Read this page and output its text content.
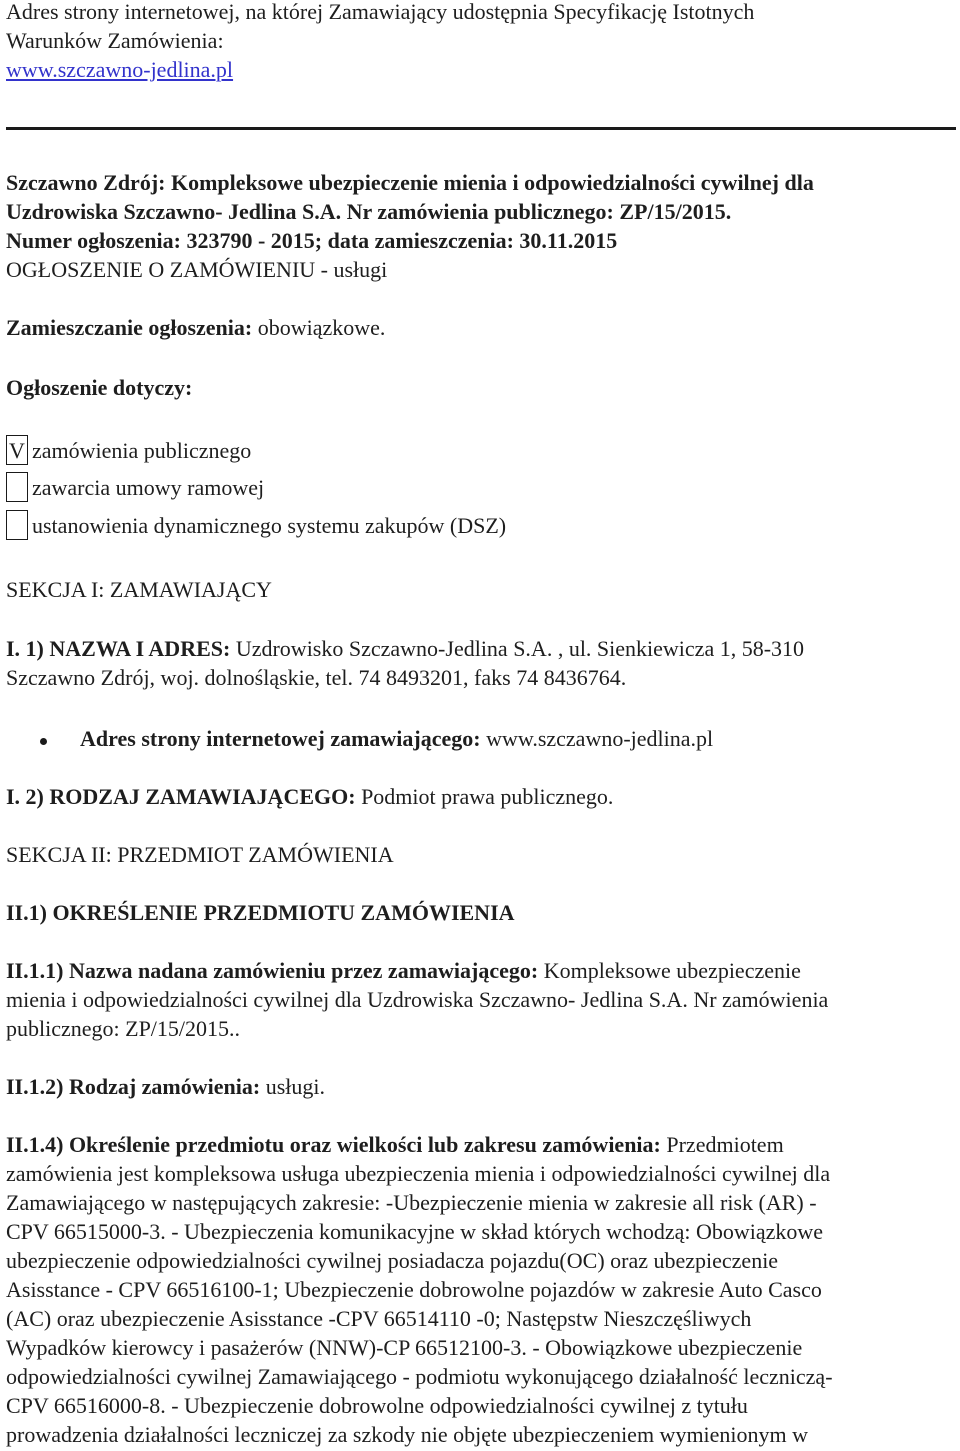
Adres strony internetowej, na której Zamawiający udostępnia Specyfikację Istotnych
Warunków Zamówienia:
www.szczawno-jedlina.pl
Szczawno Zdrój: Kompleksowe ubezpieczenie mienia i odpowiedzialności cywilnej dla
Uzdrowiska Szczawno- Jedlina S.A. Nr zamówienia publicznego: ZP/15/2015.
Numer ogłoszenia: 323790 - 2015; data zamieszczenia: 30.11.2015
OGŁOSZENIE O ZAMÓWIENIU - usługi
Zamieszczanie ogłoszenia: obowiązkowe.
Ogłoszenie dotyczy:
V zamówienia publicznego
zawarcia umowy ramowej
ustanowienia dynamicznego systemu zakupów (DSZ)
SEKCJA I: ZAMAWIAJĄCY
I. 1) NAZWA I ADRES: Uzdrowisko Szczawno-Jedlina S.A. , ul. Sienkiewicza 1, 58-310
Szczawno Zdrój, woj. dolnośląskie, tel. 74 8493201, faks 74 8436764.
Adres strony internetowej zamawiającego: www.szczawno-jedlina.pl
I. 2) RODZAJ ZAMAWIAJĄCEGO: Podmiot prawa publicznego.
SEKCJA II: PRZEDMIOT ZAMÓWIENIA
II.1) OKREŚLENIE PRZEDMIOTU ZAMÓWIENIA
II.1.1) Nazwa nadana zamówieniu przez zamawiającego: Kompleksowe ubezpieczenie
mienia i odpowiedzialności cywilnej dla Uzdrowiska Szczawno- Jedlina S.A. Nr zamówienia
publicznego: ZP/15/2015..
II.1.2) Rodzaj zamówienia: usługi.
II.1.4) Określenie przedmiotu oraz wielkości lub zakresu zamówienia: Przedmiotem
zamówienia jest kompleksowa usługa ubezpieczenia mienia i odpowiedzialności cywilnej dla
Zamawiającego w następujących zakresie: -Ubezpieczenie mienia w zakresie all risk (AR) -
CPV 66515000-3. - Ubezpieczenia komunikacyjne w skład których wchodzą: Obowiązkowe
ubezpieczenie odpowiedzialności cywilnej posiadacza pojazdu(OC) oraz ubezpieczenie
Asisstance - CPV 66516100-1; Ubezpieczenie dobrowolne pojazdów w zakresie Auto Casco
(AC) oraz ubezpieczenie Asisstance -CPV 66514110 -0; Następstw Nieszczęśliwych
Wypadków kierowcy i pasażerów (NNW)-CP 66512100-3. - Obowiązkowe ubezpieczenie
odpowiedzialności cywilnej Zamawiającego - podmiotu wykonującego działalność leczniczą-
CPV 66516000-8. - Ubezpieczenie dobrowolne odpowiedzialności cywilnej z tytułu
prowadzenia działalności leczniczej za szkody nie objęte ubezpieczeniem wymienionym w
